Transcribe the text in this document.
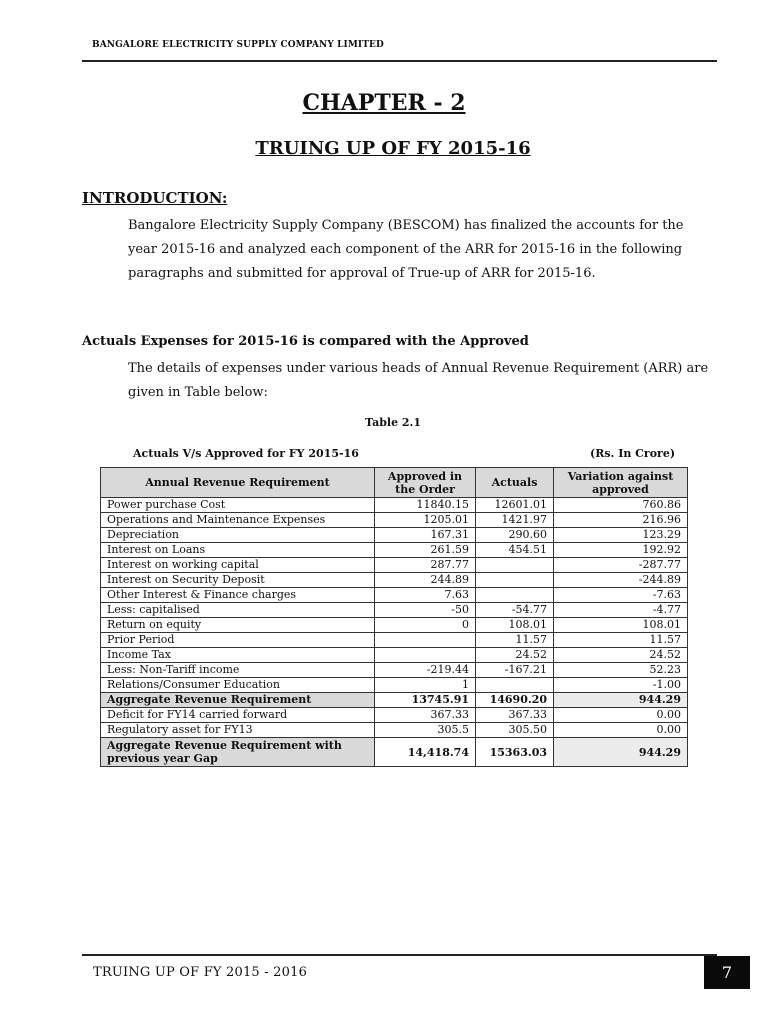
BANGALORE ELECTRICITY SUPPLY COMPANY LIMITED
CHAPTER - 2
TRUING UP OF FY 2015-16
INTRODUCTION:
Bangalore Electricity Supply Company (BESCOM) has finalized the accounts for the year 2015-16 and analyzed each component of the ARR for 2015-16 in the following paragraphs and submitted for approval of True-up of ARR for 2015-16.
Actuals Expenses for 2015-16 is compared with the Approved
The details of expenses under various heads of Annual Revenue Requirement (ARR) are given in Table below:
Table 2.1
Actuals V/s Approved for FY 2015-16	(Rs. In Crore)
Annual Revenue Requirement	Approved in the Order	Actuals	Variation against approved
Power purchase Cost	11840.15	12601.01	760.86
Operations and Maintenance Expenses	1205.01	1421.97	216.96
Depreciation	167.31	290.60	123.29
Interest on Loans	261.59	454.51	192.92
Interest on working capital	287.77		-287.77
Interest on Security Deposit	244.89		-244.89
Other Interest & Finance charges	7.63		-7.63
Less: capitalised	-50	-54.77	-4.77
Return on equity	0	108.01	108.01
Prior Period		11.57	11.57
Income Tax		24.52	24.52
Less: Non-Tariff income	-219.44	-167.21	52.23
Relations/Consumer Education	1		-1.00
Aggregate Revenue Requirement	13745.91	14690.20	944.29
Deficit for FY14 carried forward	367.33	367.33	0.00
Regulatory asset for FY13	305.5	305.50	0.00
Aggregate Revenue Requirement with previous year Gap	14,418.74	15363.03	944.29
TRUING UP OF FY 2015 - 2016	7
